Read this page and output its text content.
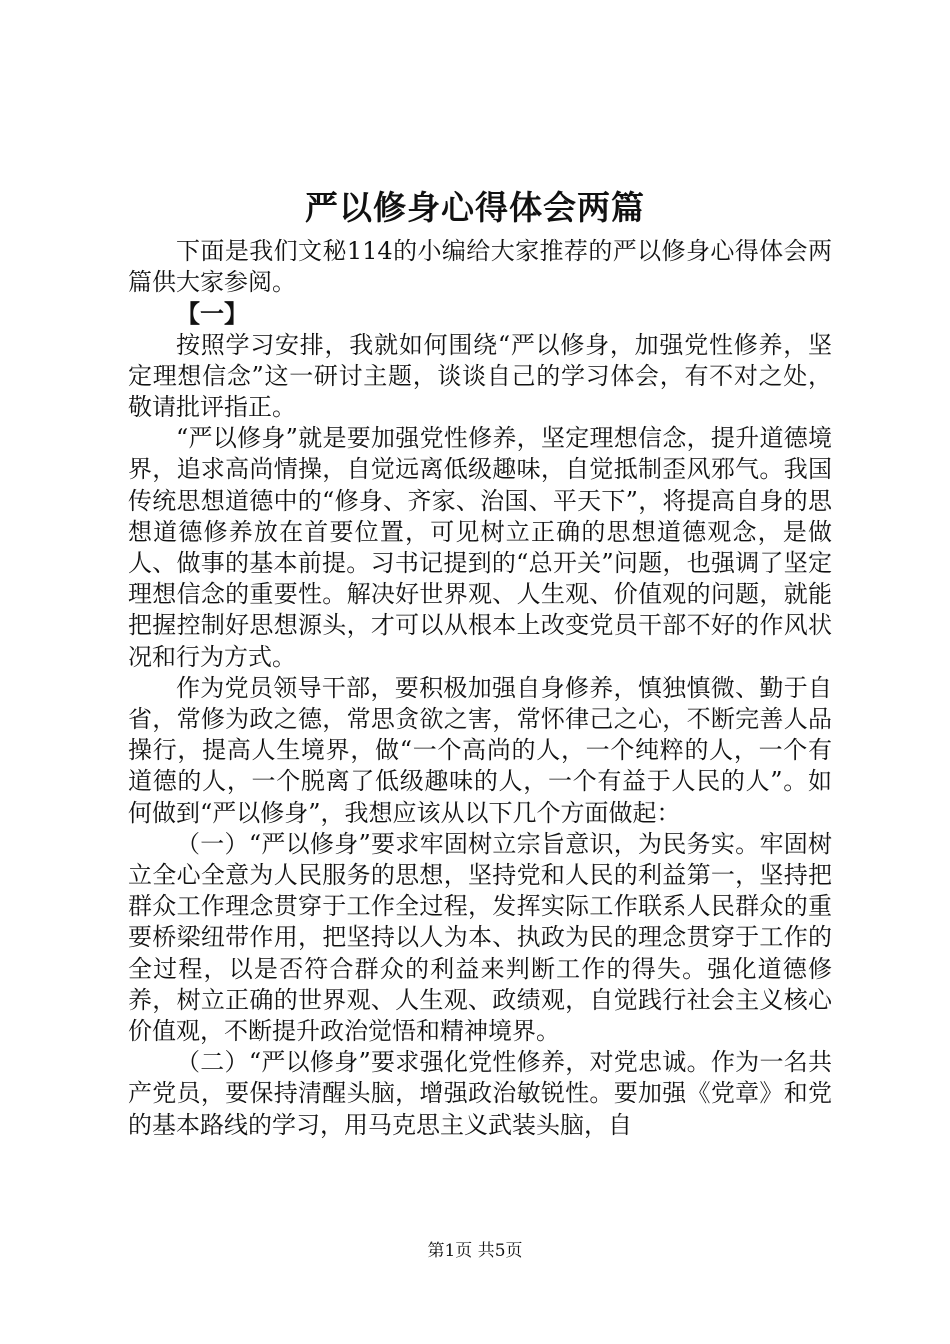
严以修身心得体会两篇

下面是我们文秘114的小编给大家推荐的严以修身心得体会两篇供大家参阅。

【一】

按照学习安排，我就如何围绕“严以修身，加强党性修养，坚定理想信念”这一研讨主题，谈谈自己的学习体会，有不对之处，敬请批评指正。

“严以修身”就是要加强党性修养，坚定理想信念，提升道德境界，追求高尚情操，自觉远离低级趣味，自觉抵制歪风邪气。我国传统思想道德中的“修身、齐家、治国、平天下”，将提高自身的思想道德修养放在首要位置，可见树立正确的思想道德观念，是做人、做事的基本前提。习书记提到的“总开关”问题，也强调了坚定理想信念的重要性。解决好世界观、人生观、价值观的问题，就能把握控制好思想源头，才可以从根本上改变党员干部不好的作风状况和行为方式。

作为党员领导干部，要积极加强自身修养，慎独慎微、勤于自省，常修为政之德，常思贪欲之害，常怀律己之心，不断完善人品操行，提高人生境界，做“一个高尚的人，一个纯粹的人，一个有道德的人，一个脱离了低级趣味的人，一个有益于人民的人”。如何做到“严以修身”，我想应该从以下几个方面做起：

（一）“严以修身”要求牢固树立宗旨意识，为民务实。牢固树立全心全意为人民服务的思想，坚持党和人民的利益第一，坚持把群众工作理念贯穿于工作全过程，发挥实际工作联系人民群众的重要桥梁纽带作用，把坚持以人为本、执政为民的理念贯穿于工作的全过程，以是否符合群众的利益来判断工作的得失。强化道德修养，树立正确的世界观、人生观、政绩观，自觉践行社会主义核心价值观，不断提升政治觉悟和精神境界。

（二）“严以修身”要求强化党性修养，对党忠诚。作为一名共产党员，要保持清醒头脑，增强政治敏锐性。要加强《党章》和党的基本路线的学习，用马克思主义武装头脑，自

第1页 共5页
